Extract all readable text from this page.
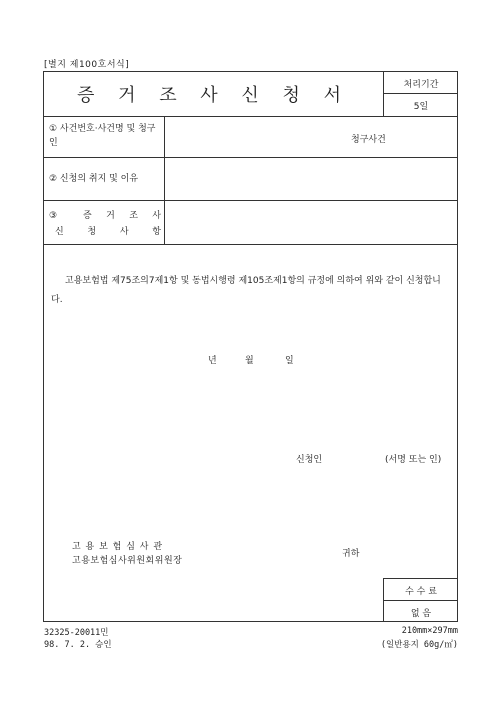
[별지 제100호서식]
증 거 조 사 신 청 서	처리기간
5일
① 사건번호·사건명 및 청구인	청구사건
② 신청의 취지 및 이유
③ 증 거 조 사
신 청 사 항
고용보험법 제75조의7제1항 및 동법시행령 제105조제1항의 규정에 의하여 위와 같이 신청합니다.
년	월	일
신청인	(서명 또는 인)
고 용 보 험 심 사 관
고용보험심사위원회위원장
귀하
수 수 료
없 음
32325-20011민
98. 7. 2. 승인
210mm×297mm
(일반용지 60g/㎡)
